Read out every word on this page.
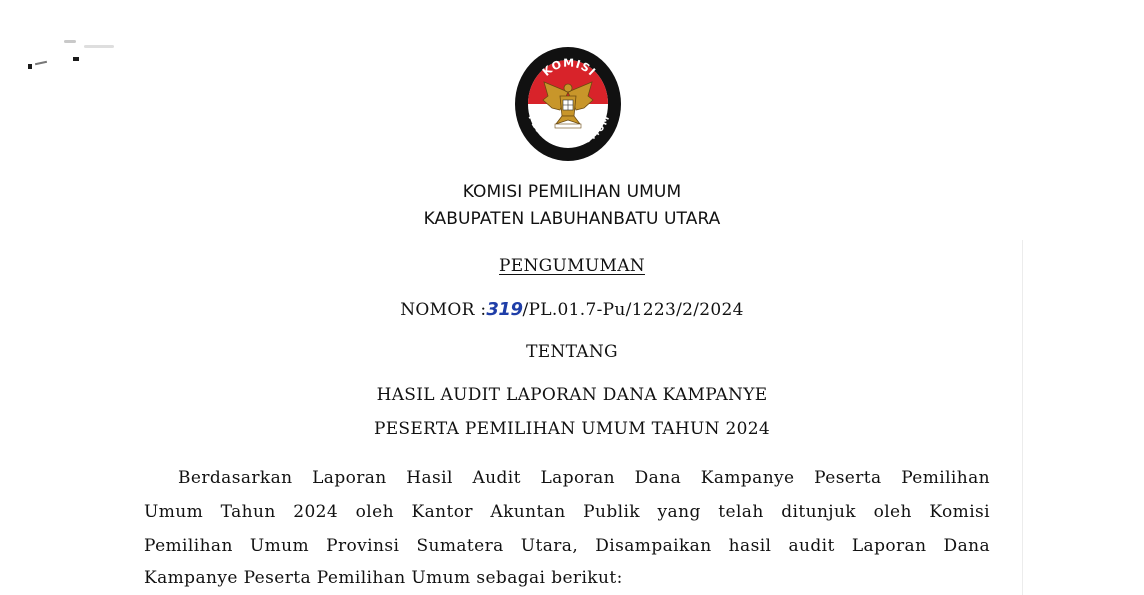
KOMISI
PEMILIHAN UMUM
KOMISI PEMILIHAN UMUM
KABUPATEN LABUHANBATU UTARA
PENGUMUMAN
NOMOR :319/PL.01.7-Pu/1223/2/2024
TENTANG
HASIL AUDIT LAPORAN DANA KAMPANYE
PESERTA PEMILIHAN UMUM TAHUN 2024
Berdasarkan Laporan Hasil Audit Laporan Dana Kampanye Peserta Pemilihan
Umum Tahun 2024 oleh Kantor Akuntan Publik yang telah ditunjuk oleh Komisi
Pemilihan Umum Provinsi Sumatera Utara, Disampaikan hasil audit Laporan Dana
Kampanye Peserta Pemilihan Umum sebagai berikut:
